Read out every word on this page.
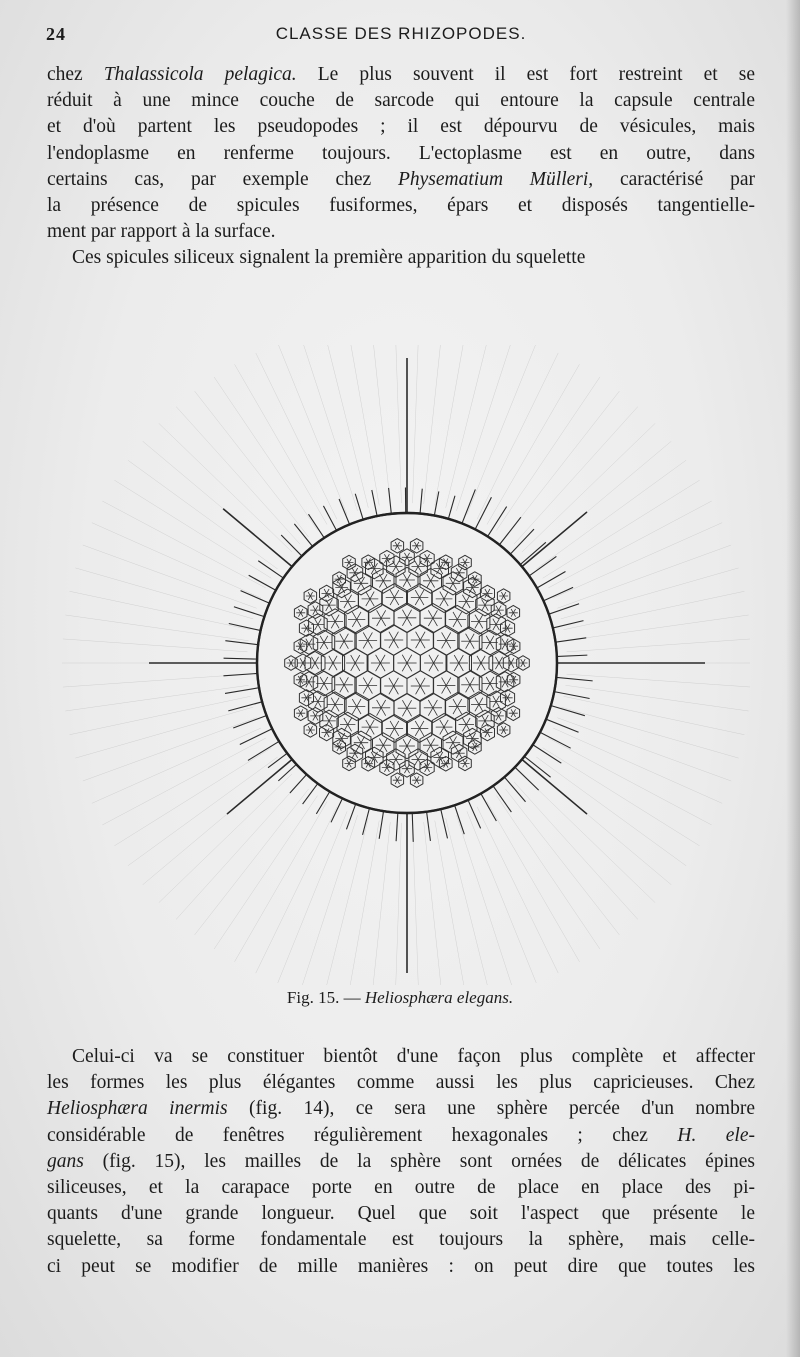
24	CLASSE DES RHIZOPODES.
chez Thalassicola pelagica. Le plus souvent il est fort restreint et se
réduit à une mince couche de sarcode qui entoure la capsule centrale
et d'où partent les pseudopodes ; il est dépourvu de vésicules, mais
l'endoplasme en renferme toujours. L'ectoplasme est en outre, dans
certains cas, par exemple chez Physematium Mülleri, caractérisé par
la présence de spicules fusiformes, épars et disposés tangentielle-
ment par rapport à la surface.
Ces spicules siliceux signalent la première apparition du squelette
Fig. 15. — Heliosphæra elegans.
Celui-ci va se constituer bientôt d'une façon plus complète et affecter
les formes les plus élégantes comme aussi les plus capricieuses. Chez
Heliosphæra inermis (fig. 14), ce sera une sphère percée d'un nombre
considérable de fenêtres régulièrement hexagonales ; chez H. ele-
gans (fig. 15), les mailles de la sphère sont ornées de délicates épines
siliceuses, et la carapace porte en outre de place en place des pi-
quants d'une grande longueur. Quel que soit l'aspect que présente le
squelette, sa forme fondamentale est toujours la sphère, mais celle-
ci peut se modifier de mille manières : on peut dire que toutes les
